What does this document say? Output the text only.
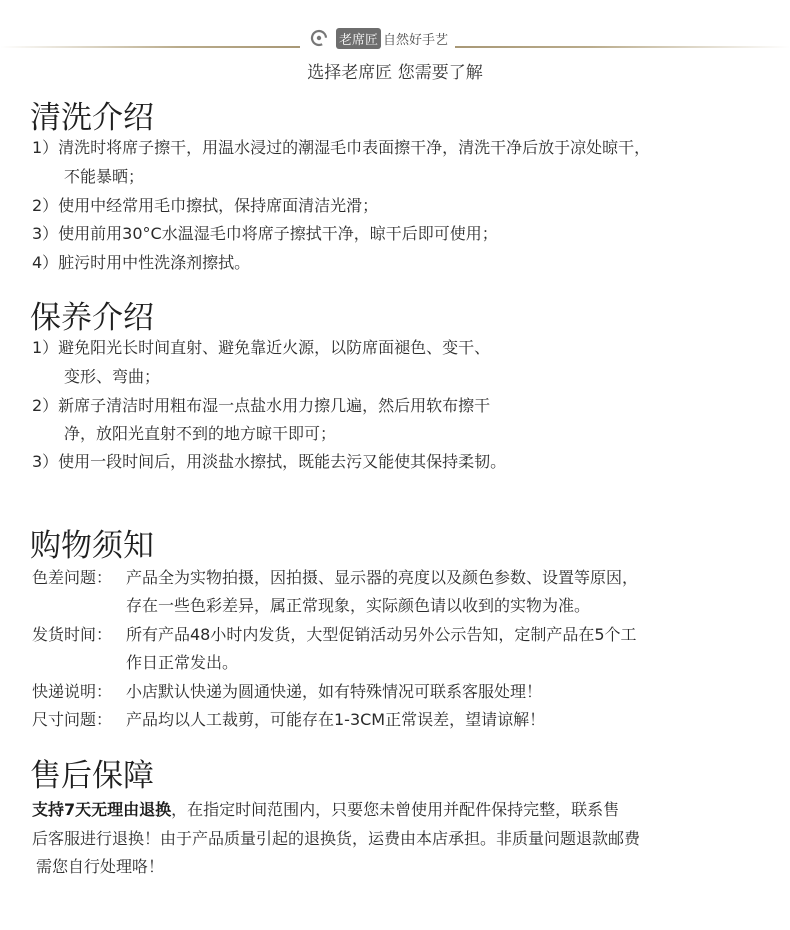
老席匠 自然好手艺
选择老席匠 您需要了解
清洗介绍
1）清洗时将席子擦干，用温水浸过的潮湿毛巾表面擦干净，清洗干净后放于凉处晾干，
不能暴晒；
2）使用中经常用毛巾擦拭，保持席面清洁光滑；
3）使用前用30°C水温湿毛巾将席子擦拭干净，晾干后即可使用；
4）脏污时用中性洗涤剂擦拭。
保养介绍
1）避免阳光长时间直射、避免靠近火源，以防席面褪色、变干、
变形、弯曲；
2）新席子清洁时用粗布湿一点盐水用力擦几遍，然后用软布擦干
净，放阳光直射不到的地方晾干即可；
3）使用一段时间后，用淡盐水擦拭，既能去污又能使其保持柔韧。
购物须知
色差问题： 产品全为实物拍摄，因拍摄、显示器的亮度以及颜色参数、设置等原因，
存在一些色彩差异，属正常现象，实际颜色请以收到的实物为准。
发货时间： 所有产品48小时内发货，大型促销活动另外公示告知，定制产品在5个工
作日正常发出。
快递说明： 小店默认快递为圆通快递，如有特殊情况可联系客服处理！
尺寸问题： 产品均以人工裁剪，可能存在1-3CM正常误差，望请谅解！
售后保障
支持7天无理由退换，在指定时间范围内，只要您未曾使用并配件保持完整，联系售
后客服进行退换！由于产品质量引起的退换货，运费由本店承担。非质量问题退款邮费
需您自行处理咯！
